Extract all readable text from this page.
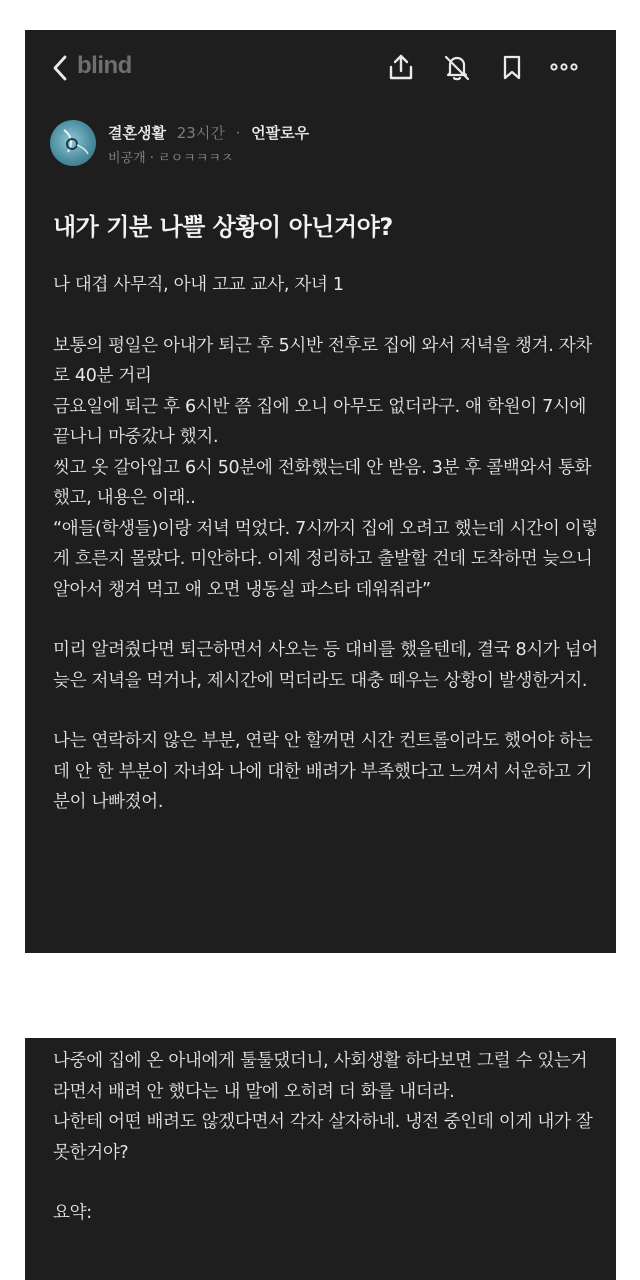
blind
결혼생활 23시간 · 언팔로우
비공개 · ㄹㅇㅋㅋㅋㅈ
내가 기분 나쁠 상황이 아닌거야?

나 대겹 사무직, 아내 고교 교사, 자녀 1

보통의 평일은 아내가 퇴근 후 5시반 전후로 집에 와서 저녁을 챙겨. 자차로 40분 거리
금요일에 퇴근 후 6시반 쯤 집에 오니 아무도 없더라구. 애 학원이 7시에 끝나니 마중갔나 했지.
씻고 옷 갈아입고 6시 50분에 전화했는데 안 받음. 3분 후 콜백와서 통화했고, 내용은 이래..
“애들(학생들)이랑 저녁 먹었다. 7시까지 집에 오려고 했는데 시간이 이렇게 흐른지 몰랐다. 미안하다. 이제 정리하고 출발할 건데 도착하면 늦으니 알아서 챙겨 먹고 애 오면 냉동실 파스타 데워줘라”

미리 알려줬다면 퇴근하면서 사오는 등 대비를 했을텐데, 결국 8시가 넘어 늦은 저녁을 먹거나, 제시간에 먹더라도 대충 떼우는 상황이 발생한거지.

나는 연락하지 않은 부분, 연락 안 할꺼면 시간 컨트롤이라도 했어야 하는데 안 한 부분이 자녀와 나에 대한 배려가 부족했다고 느껴서 서운하고 기분이 나빠졌어.

나중에 집에 온 아내에게 툴툴댔더니, 사회생활 하다보면 그럴 수 있는거라면서 배려 안 했다는 내 말에 오히려 더 화를 내더라.
나한테 어떤 배려도 않겠다면서 각자 살자하네. 냉전 중인데 이게 내가 잘못한거야?

요약:
